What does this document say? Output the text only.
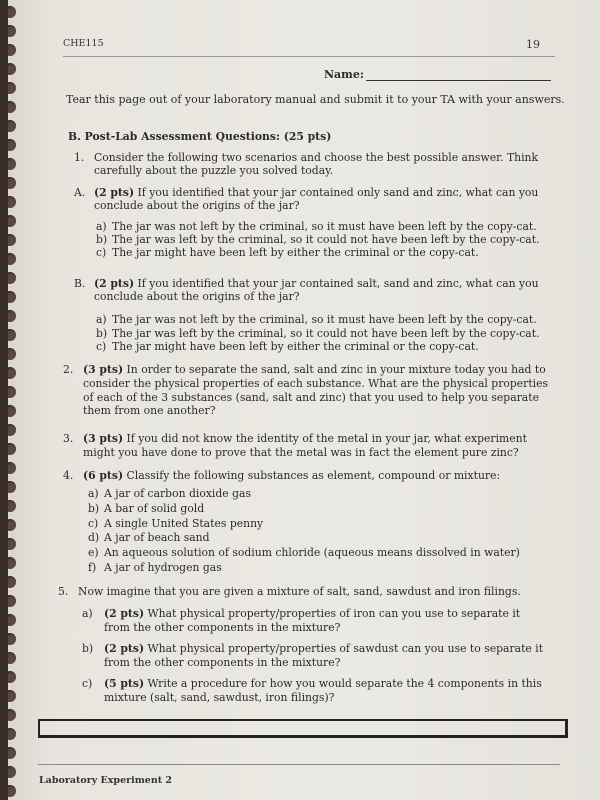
CHE115	19
Name:
Tear this page out of your laboratory manual and submit it to your TA with your answers.
B. Post-Lab Assessment Questions: (25 pts)
1. Consider the following two scenarios and choose the best possible answer. Think
carefully about the puzzle you solved today.
A. (2 pts) If you identified that your jar contained only sand and zinc, what can you
conclude about the origins of the jar?
a) The jar was not left by the criminal, so it must have been left by the copy-cat.
b) The jar was left by the criminal, so it could not have been left by the copy-cat.
c) The jar might have been left by either the criminal or the copy-cat.
B. (2 pts) If you identified that your jar contained salt, sand and zinc, what can you
conclude about the origins of the jar?
a) The jar was not left by the criminal, so it must have been left by the copy-cat.
b) The jar was left by the criminal, so it could not have been left by the copy-cat.
c) The jar might have been left by either the criminal or the copy-cat.
2. (3 pts) In order to separate the sand, salt and zinc in your mixture today you had to
consider the physical properties of each substance. What are the physical properties
of each of the 3 substances (sand, salt and zinc) that you used to help you separate
them from one another?
3. (3 pts) If you did not know the identity of the metal in your jar, what experiment
might you have done to prove that the metal was in fact the element pure zinc?
4. (6 pts) Classify the following substances as element, compound or mixture:
a) A jar of carbon dioxide gas
b) A bar of solid gold
c) A single United States penny
d) A jar of beach sand
e) An aqueous solution of sodium chloride (aqueous means dissolved in water)
f) A jar of hydrogen gas
5. Now imagine that you are given a mixture of salt, sand, sawdust and iron filings.
a) (2 pts) What physical property/properties of iron can you use to separate it
from the other components in the mixture?
b) (2 pts) What physical property/properties of sawdust can you use to separate it
from the other components in the mixture?
c) (5 pts) Write a procedure for how you would separate the 4 components in this
mixture (salt, sand, sawdust, iron filings)?
Laboratory Experiment 2
